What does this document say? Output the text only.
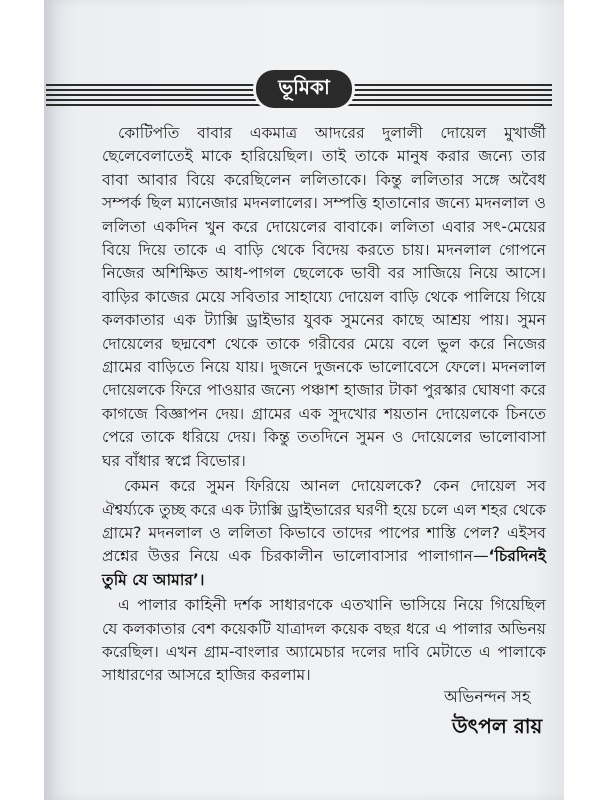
ভূমিকা

কোটিপতি বাবার একমাত্র আদরের দুলালী দোয়েল মুখার্জী ছেলেবেলাতেই মাকে হারিয়েছিল। তাই তাকে মানুষ করার জন্যে তার বাবা আবার বিয়ে করেছিলেন ললিতাকে। কিন্তু ললিতার সঙ্গে অবৈধ সম্পর্ক ছিল ম্যানেজার মদনলালের। সম্পত্তি হাতানোর জন্যে মদনলাল ও ললিতা একদিন খুন করে দোয়েলের বাবাকে। ললিতা এবার সৎ-মেয়ের বিয়ে দিয়ে তাকে এ বাড়ি থেকে বিদেয় করতে চায়। মদনলাল গোপনে নিজের অশিক্ষিত আধ-পাগল ছেলেকে ভাবী বর সাজিয়ে নিয়ে আসে। বাড়ির কাজের মেয়ে সবিতার সাহায্যে দোয়েল বাড়ি থেকে পালিয়ে গিয়ে কলকাতার এক ট্যাক্সি ড্রাইভার যুবক সুমনের কাছে আশ্রয় পায়। সুমন দোয়েলের ছদ্মবেশ থেকে তাকে গরীবের মেয়ে বলে ভুল করে নিজের গ্রামের বাড়িতে নিয়ে যায়। দুজনে দুজনকে ভালোবেসে ফেলে। মদনলাল দোয়েলকে ফিরে পাওয়ার জন্যে পঞ্চাশ হাজার টাকা পুরস্কার ঘোষণা করে কাগজে বিজ্ঞাপন দেয়। গ্রামের এক সুদখোর শয়তান দোয়েলকে চিনতে পেরে তাকে ধরিয়ে দেয়। কিন্তু ততদিনে সুমন ও দোয়েলের ভালোবাসা ঘর বাঁধার স্বপ্নে বিভোর।

কেমন করে সুমন ফিরিয়ে আনল দোয়েলকে? কেন দোয়েল সব ঐশ্বর্য্যকে তুচ্ছ করে এক ট্যাক্সি ড্রাইভারের ঘরণী হয়ে চলে এল শহর থেকে গ্রামে? মদনলাল ও ললিতা কিভাবে তাদের পাপের শাস্তি পেল? এইসব প্রশ্নের উত্তর নিয়ে এক চিরকালীন ভালোবাসার পালাগান—‘চিরদিনই তুমি যে আমার’।

এ পালার কাহিনী দর্শক সাধারণকে এতখানি ভাসিয়ে নিয়ে গিয়েছিল যে কলকাতার বেশ কয়েকটি যাত্রাদল কয়েক বছর ধরে এ পালার অভিনয় করেছিল। এখন গ্রাম-বাংলার অ্যামেচার দলের দাবি মেটাতে এ পালাকে সাধারণের আসরে হাজির করলাম।

অভিনন্দন সহ
উৎপল রায়
